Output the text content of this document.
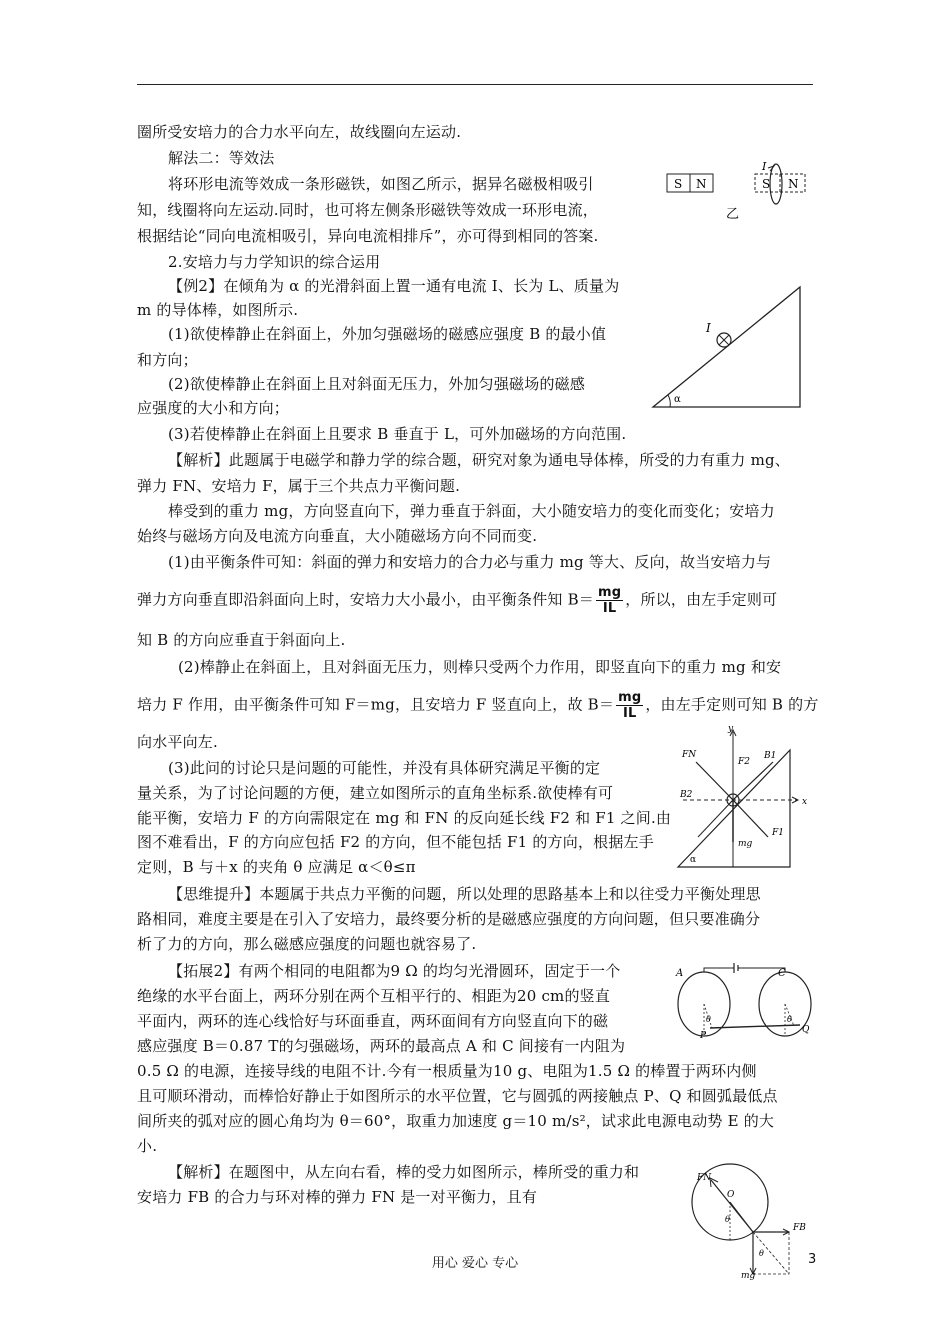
圈所受安培力的合力水平向左，故线圈向左运动.
解法二：等效法
将环形电流等效成一条形磁铁，如图乙所示，据异名磁极相吸引
知，线圈将向左运动.同时，也可将左侧条形磁铁等效成一环形电流，
根据结论“同向电流相吸引，异向电流相排斥”，亦可得到相同的答案.
2.安培力与力学知识的综合运用
【例2】在倾角为 α 的光滑斜面上置一通有电流 I、长为 L、质量为
m 的导体棒，如图所示.
(1)欲使棒静止在斜面上，外加匀强磁场的磁感应强度 B 的最小值
和方向；
(2)欲使棒静止在斜面上且对斜面无压力，外加匀强磁场的磁感
应强度的大小和方向；
(3)若使棒静止在斜面上且要求 B 垂直于 L，可外加磁场的方向范围.
【解析】此题属于电磁学和静力学的综合题，研究对象为通电导体棒，所受的力有重力 mg、
弹力 FN、安培力 F，属于三个共点力平衡问题.
棒受到的重力 mg，方向竖直向下，弹力垂直于斜面，大小随安培力的变化而变化；安培力
始终与磁场方向及电流方向垂直，大小随磁场方向不同而变.
(1)由平衡条件可知：斜面的弹力和安培力的合力必与重力 mg 等大、反向，故当安培力与
弹力方向垂直即沿斜面向上时，安培力大小最小，由平衡条件知 $B= \frac{mg}{IL}$ ，所以，由左手定则可
知 B 的方向应垂直于斜面向上.
(2)棒静止在斜面上，且对斜面无压力，则棒只受两个力作用，即竖直向下的重力 mg 和安
培力 F 作用，由平衡条件可知 F＝mg，且安培力 F 竖直向上，故 $B= \frac{mg}{IL}$ ，由左手定则可知 B 的方
向水平向左.
(3)此问的讨论只是问题的可能性，并没有具体研究满足平衡的定
量关系，为了讨论问题的方便，建立如图所示的直角坐标系.欲使棒有可
能平衡，安培力 F 的方向需限定在 mg 和 FN 的反向延长线 F2 和 F1 之间.由
图不难看出，F 的方向应包括 F2 的方向，但不能包括 F1 的方向，根据左手
定则，B 与＋x 的夹角 θ 应满足 α＜θ≤π
【思维提升】本题属于共点力平衡的问题，所以处理的思路基本上和以往受力平衡处理思
路相同，难度主要是在引入了安培力，最终要分析的是磁感应强度的方向问题，但只要准确分
析了力的方向，那么磁感应强度的问题也就容易了.
【拓展2】有两个相同的电阻都为9 Ω 的均匀光滑圆环，固定于一个
绝缘的水平台面上，两环分别在两个互相平行的、相距为20 cm的竖直
平面内，两环的连心线恰好与环面垂直，两环面间有方向竖直向下的磁
感应强度 B＝0.87 T的匀强磁场，两环的最高点 A 和 C 间接有一内阻为
0.5 Ω 的电源，连接导线的电阻不计.今有一根质量为10 g、电阻为1.5 Ω 的棒置于两环内侧
且可顺环滑动，而棒恰好静止于如图所示的水平位置，它与圆弧的两接触点 P、Q 和圆弧最低点
间所夹的弧对应的圆心角均为 θ＝60°，取重力加速度 g＝10 m/s²，试求此电源电动势 E 的大
小.
【解析】在题图中，从左向右看，棒的受力如图所示，棒所受的重力和
安培力 FB 的合力与环对棒的弹力 FN 是一对平衡力，且有
S N	S N
I
乙
I
α
FN
y
F2
B1
B2
x
F1
mg
α
A	C
P
Q
θ	θ
FN
O
θ
θ
FB
mg
用心 爱心 专心	3
